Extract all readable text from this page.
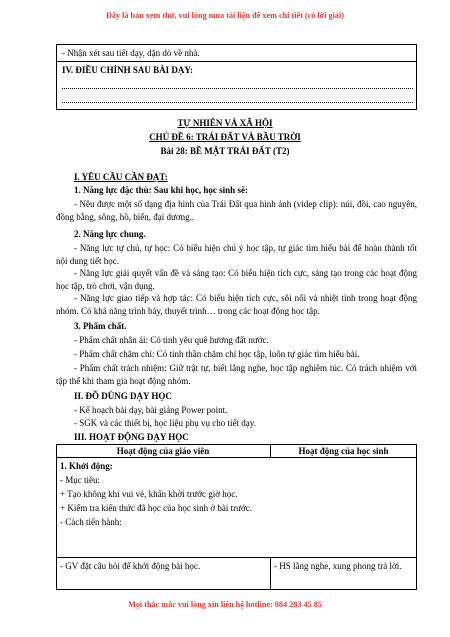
Đây là bản xem thử, vui lòng mua tài liệu để xem chi tiết (có lời giải)
- Nhận xét sau tiết dạy, dặn dò về nhà.
IV. ĐIỀU CHỈNH SAU BÀI DẠY:
TỰ NHIÊN VÀ XÃ HỘI
CHỦ ĐỀ 6: TRÁI ĐẤT VÀ BẦU TRỜI
Bài 28: BỀ MẶT TRÁI ĐẤT (T2)
I. YÊU CẦU CẦN ĐẠT:
1. Năng lực đặc thù: Sau khi học, học sinh sẽ:
- Nêu được một số dạng địa hình của Trái Đất qua hình ảnh (videp clip): núi, đồi, cao nguyên, đồng bằng, sông, hồ, biển, đại dương..
2. Năng lực chung.
- Năng lực tự chủ, tự học: Có biểu hiện chú ý học tập, tự giác tìm hiểu bài để hoàn thành tốt nội dung tiết học.
- Năng lực giải quyết vấn đề và sáng tạo: Có biểu hiện tích cực, sáng tạo trong các hoạt động học tập, trò chơi, vận dụng.
- Năng lực giao tiếp và hợp tác: Có biểu hiện tích cực, sôi nổi và nhiệt tình trong hoạt động nhóm. Có khả năng trình bày, thuyết trình… trong các hoạt động học tập.
3. Phẩm chất.
- Phẩm chất nhân ái: Có tình yêu quê hương đất nước.
- Phẩm chất chăm chỉ: Có tinh thần chăm chỉ học tập, luôn tự giác tìm hiểu bài.
- Phẩm chất trách nhiệm: Giữ trật tự, biết lắng nghe, học tập nghiêm túc. Có trách nhiệm với tập thể khi tham gia hoạt động nhóm.
II. ĐỒ DÙNG DẠY HỌC
- Kế hoạch bài dạy, bài giảng Power point.
- SGK và các thiết bị, học liệu phụ vụ cho tiết dạy.
III. HOẠT ĐỘNG DẠY HỌC
Hoạt động của giáo viên	Hoạt động của học sinh
1. Khởi động:
- Mục tiêu:
+ Tạo không khí vui vẻ, khấn khởi trước giờ học.
+ Kiểm tra kiến thức đã học của học sinh ở bài trước.
- Cách tiến hành:
- GV đặt câu hỏi để khởi động bài học.	- HS lắng nghe, xung phong trả lời.
Mọi thắc mắc vui lòng xin liên hệ hotline: 084 283 45 85
